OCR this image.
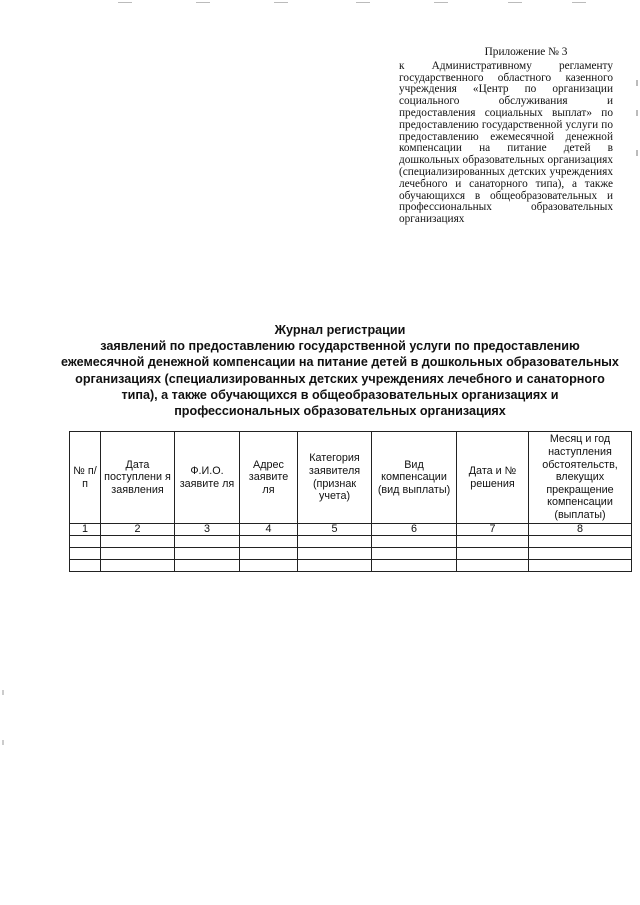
Приложение № 3
к Административному регламенту государственного областного казенного учреждения «Центр по организации социального обслуживания и предоставления социальных выплат» по предоставлению государственной услуги по предоставлению ежемесячной денежной компенсации на питание детей в дошкольных образовательных организациях (специализированных детских учреждениях лечебного и санаторного типа), а также обучающихся в общеобразовательных и профессиональных образовательных организациях
Журнал регистрации
заявлений по предоставлению государственной услуги по предоставлению ежемесячной денежной компенсации на питание детей в дошкольных образовательных организациях (специализированных детских учреждениях лечебного и санаторного типа), а также обучающихся в общеобразовательных организациях и профессиональных образовательных организациях
№ п/п	Дата поступлени я заявления	Ф.И.О. заявите ля	Адрес заявите ля	Категория заявителя (признак учета)	Вид компенсации (вид выплаты)	Дата и № решения	Месяц и год наступления обстоятельств, влекущих прекращение компенсации (выплаты)
1	2	3	4	5	6	7	8
